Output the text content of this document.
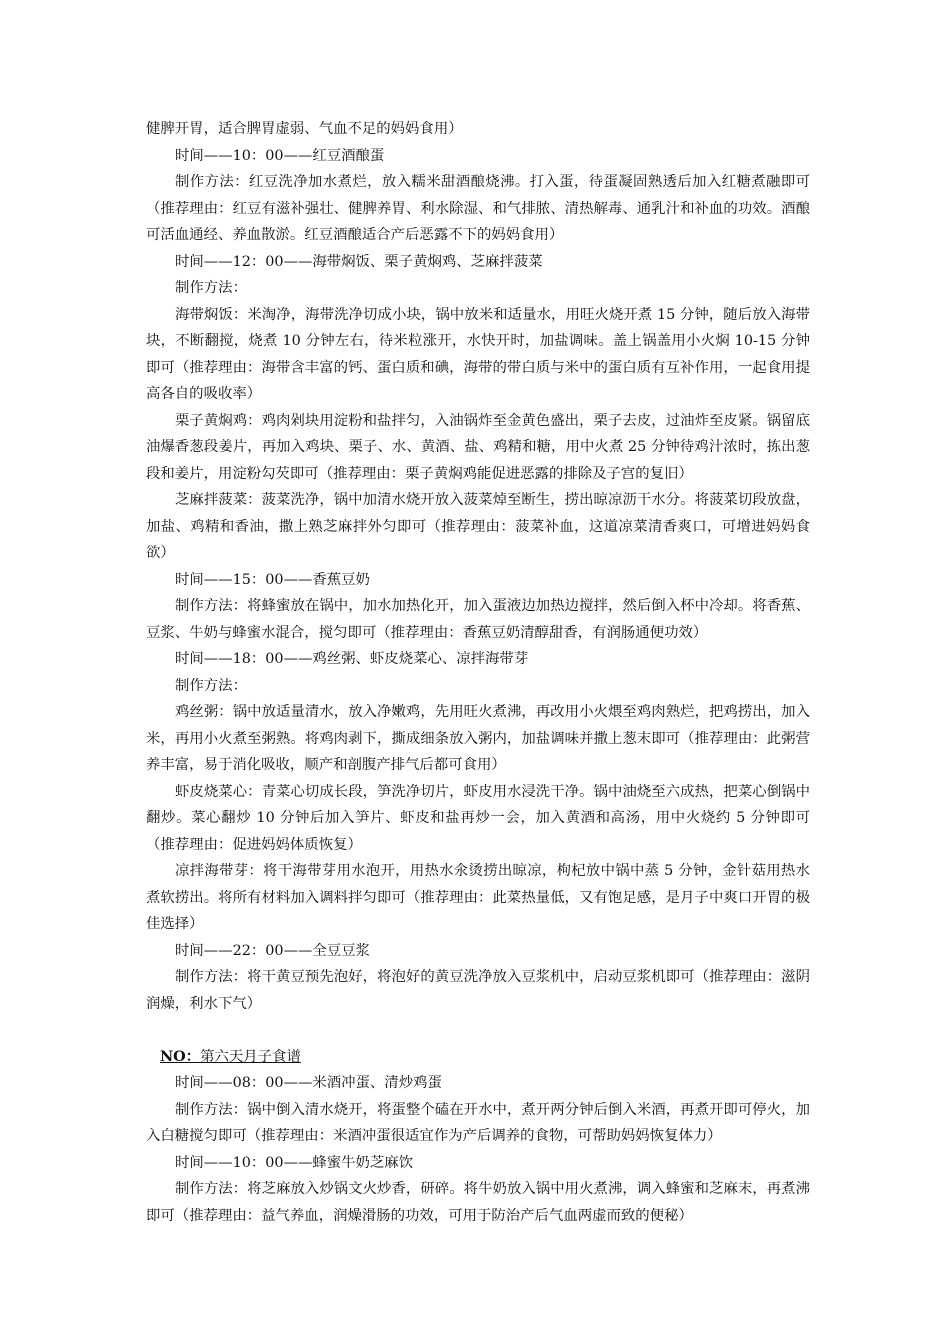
健脾开胃，适合脾胃虚弱、气血不足的妈妈食用）

时间——10：00——红豆酒酿蛋

制作方法：红豆洗净加水煮烂，放入糯米甜酒酿烧沸。打入蛋，待蛋凝固熟透后加入红糖煮融即可（推荐理由：红豆有滋补强壮、健脾养胃、利水除湿、和气排脓、清热解毒、通乳汁和补血的功效。酒酿可活血通经、养血散淤。红豆酒酿适合产后恶露不下的妈妈食用）

时间——12：00——海带焖饭、栗子黄焖鸡、芝麻拌菠菜

制作方法：

海带焖饭：米淘净，海带洗净切成小块，锅中放米和适量水，用旺火烧开煮 15 分钟，随后放入海带块，不断翻搅，烧煮 10 分钟左右，待米粒涨开，水快开时，加盐调味。盖上锅盖用小火焖 10-15 分钟即可（推荐理由：海带含丰富的钙、蛋白质和碘，海带的带白质与米中的蛋白质有互补作用，一起食用提高各自的吸收率）

栗子黄焖鸡：鸡肉剁块用淀粉和盐拌匀，入油锅炸至金黄色盛出，栗子去皮，过油炸至皮紧。锅留底油爆香葱段姜片，再加入鸡块、栗子、水、黄酒、盐、鸡精和糖，用中火煮 25 分钟待鸡汁浓时，拣出葱段和姜片，用淀粉勾芡即可（推荐理由：栗子黄焖鸡能促进恶露的排除及子宫的复旧）

芝麻拌菠菜：菠菜洗净，锅中加清水烧开放入菠菜焯至断生，捞出晾凉沥干水分。将菠菜切段放盘，加盐、鸡精和香油，撒上熟芝麻拌外匀即可（推荐理由：菠菜补血，这道凉菜清香爽口，可增进妈妈食欲）

时间——15：00——香蕉豆奶

制作方法：将蜂蜜放在锅中，加水加热化开，加入蛋液边加热边搅拌，然后倒入杯中冷却。将香蕉、豆浆、牛奶与蜂蜜水混合，搅匀即可（推荐理由：香蕉豆奶清醇甜香，有润肠通便功效）

时间——18：00——鸡丝粥、虾皮烧菜心、凉拌海带芽

制作方法：

鸡丝粥：锅中放适量清水，放入净嫩鸡，先用旺火煮沸，再改用小火煨至鸡肉熟烂，把鸡捞出，加入米，再用小火煮至粥熟。将鸡肉剥下，撕成细条放入粥内，加盐调味并撒上葱末即可（推荐理由：此粥营养丰富，易于消化吸收，顺产和剖腹产排气后都可食用）

虾皮烧菜心：青菜心切成长段，笋洗净切片，虾皮用水浸洗干净。锅中油烧至六成热，把菜心倒锅中翻炒。菜心翻炒 10 分钟后加入笋片、虾皮和盐再炒一会，加入黄酒和高汤，用中火烧约 5 分钟即可（推荐理由：促进妈妈体质恢复）

凉拌海带芽：将干海带芽用水泡开，用热水氽烫捞出晾凉，枸杞放中锅中蒸 5 分钟，金针菇用热水煮软捞出。将所有材料加入调料拌匀即可（推荐理由：此菜热量低，又有饱足感，是月子中爽口开胃的极佳选择）

时间——22：00——全豆豆浆

制作方法：将干黄豆预先泡好，将泡好的黄豆洗净放入豆浆机中，启动豆浆机即可（推荐理由：滋阴润燥，利水下气）

NO：第六天月子食谱

时间——08：00——米酒冲蛋、清炒鸡蛋

制作方法：锅中倒入清水烧开，将蛋整个磕在开水中，煮开两分钟后倒入米酒，再煮开即可停火，加入白糖搅匀即可（推荐理由：米酒冲蛋很适宜作为产后调养的食物，可帮助妈妈恢复体力）

时间——10：00——蜂蜜牛奶芝麻饮

制作方法：将芝麻放入炒锅文火炒香，研碎。将牛奶放入锅中用火煮沸，调入蜂蜜和芝麻末，再煮沸即可（推荐理由：益气养血，润燥滑肠的功效，可用于防治产后气血两虚而致的便秘）
